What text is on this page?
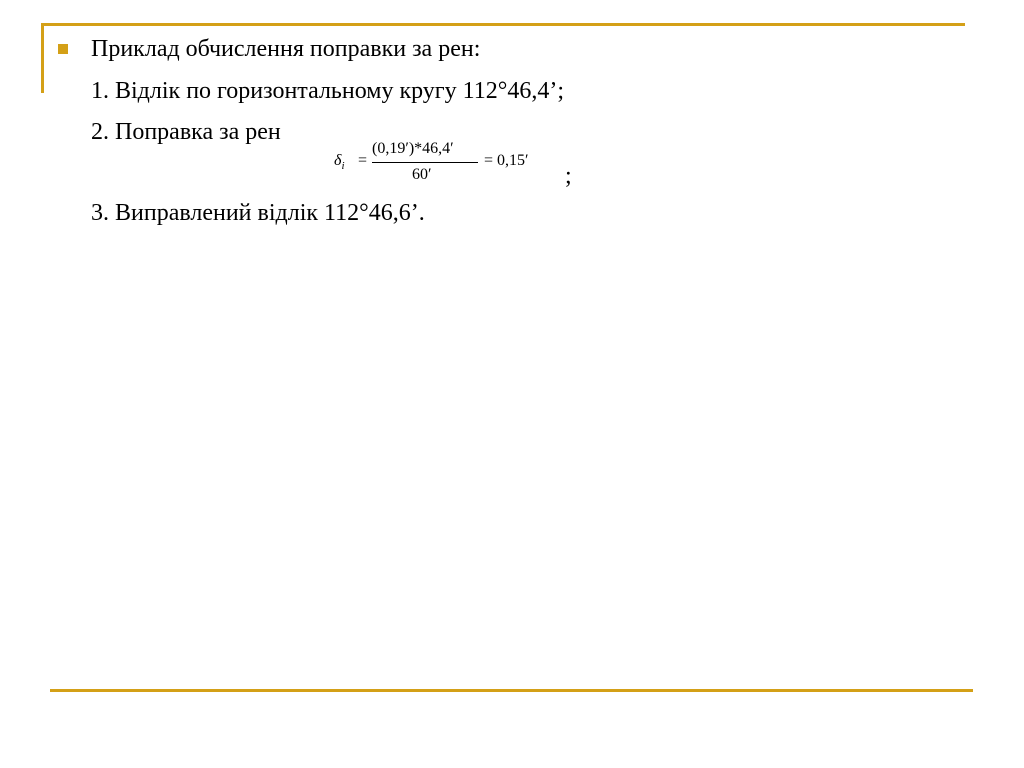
Приклад обчислення поправки за рен:
1. Відлік по горизонтальному кругу 112°46,4’;
2. Поправка за рен
$\delta_i$ =
(0,19′)*46,4′
60′
= 0,15′
;
3. Виправлений відлік 112°46,6’.
